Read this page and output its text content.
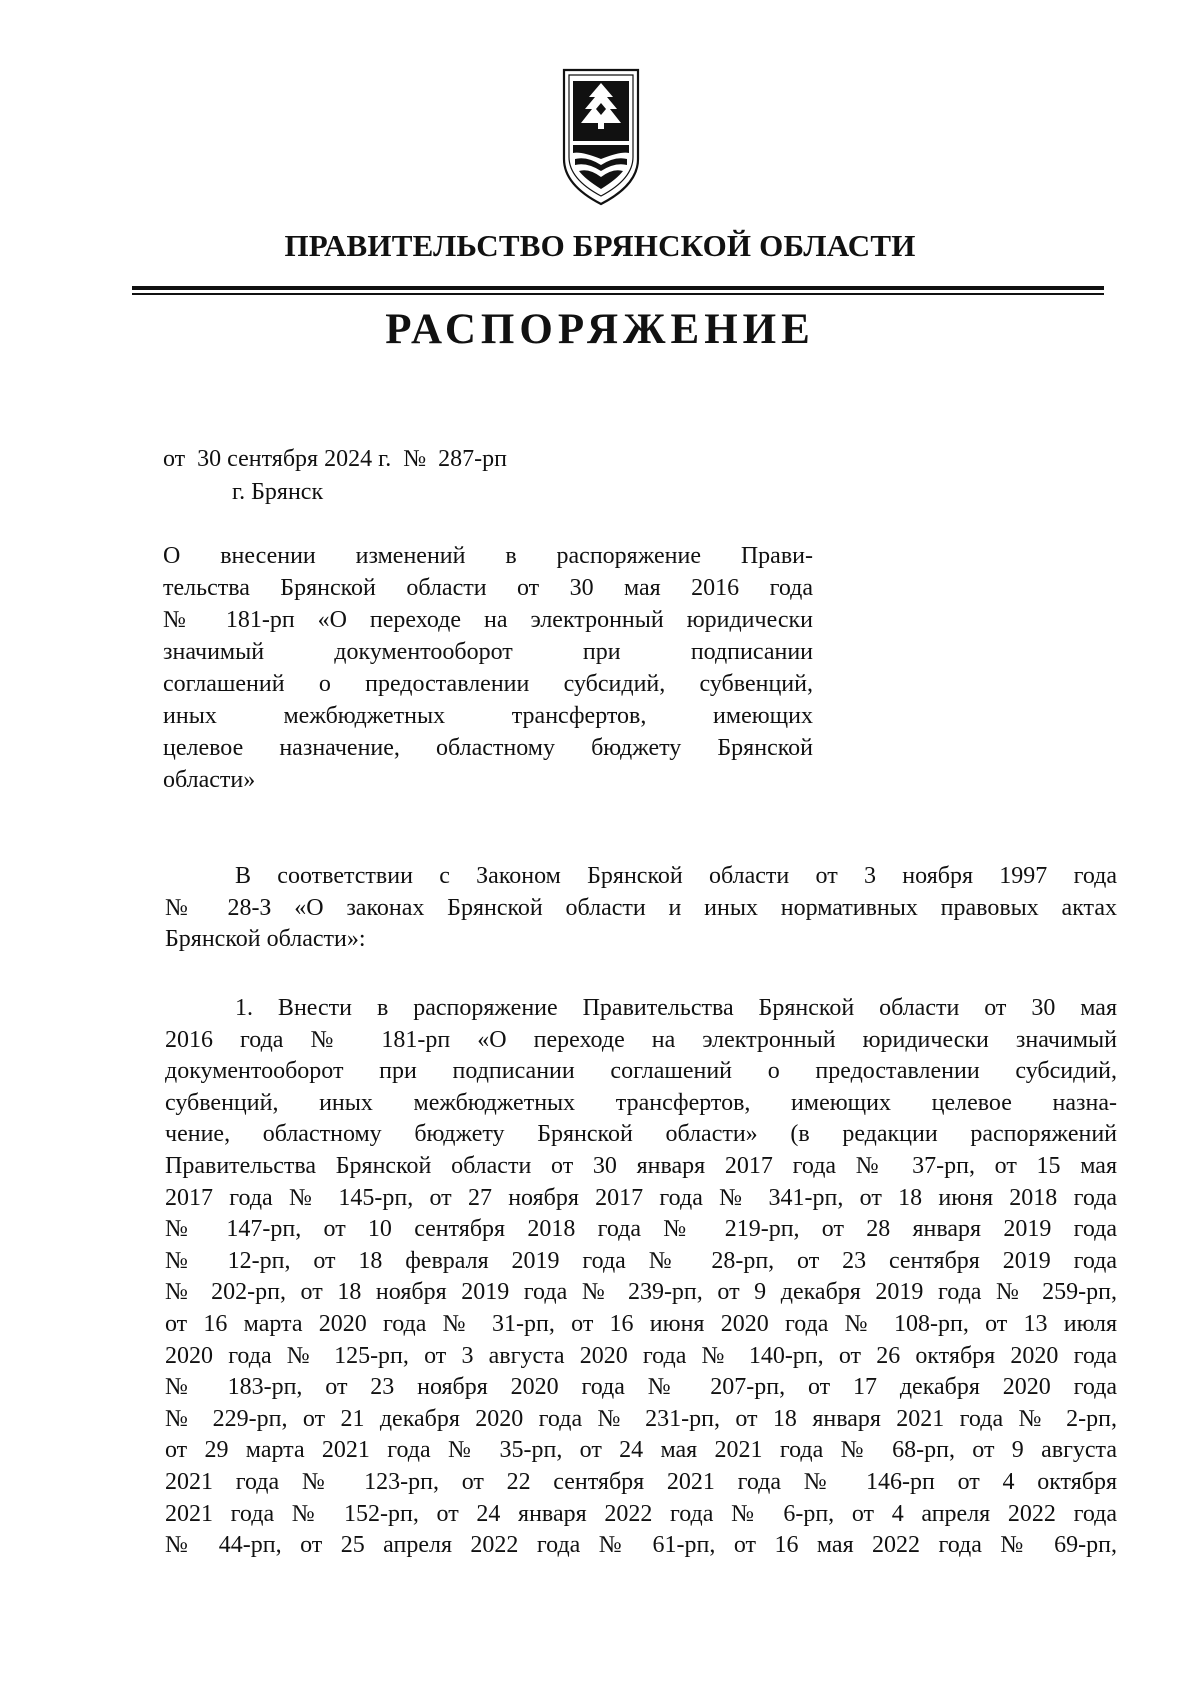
ПРАВИТЕЛЬСТВО БРЯНСКОЙ ОБЛАСТИ
РАСПОРЯЖЕНИЕ
от  30 сентября 2024 г.  №  287-рп
г. Брянск
О внесении изменений в распоряжение Прави-
тельства Брянской области от 30 мая 2016 года
№ 181-рп «О переходе на электронный юридически
значимый документооборот при подписании
соглашений о предоставлении субсидий, субвенций,
иных межбюджетных трансфертов, имеющих
целевое назначение, областному бюджету Брянской
области»
В соответствии с Законом Брянской области от 3 ноября 1997 года
№ 28-З «О законах Брянской области и иных нормативных правовых актах
Брянской области»:
1. Внести в распоряжение Правительства Брянской области от 30 мая
2016 года № 181-рп «О переходе на электронный юридически значимый
документооборот при подписании соглашений о предоставлении субсидий,
субвенций, иных межбюджетных трансфертов, имеющих целевое назна-
чение, областному бюджету Брянской области» (в редакции распоряжений
Правительства Брянской области от 30 января 2017 года № 37-рп, от 15 мая
2017 года № 145-рп, от 27 ноября 2017 года № 341-рп, от 18 июня 2018 года
№ 147-рп, от 10 сентября 2018 года № 219-рп, от 28 января 2019 года
№ 12-рп, от 18 февраля 2019 года № 28-рп, от 23 сентября 2019 года
№ 202-рп, от 18 ноября 2019 года № 239-рп, от 9 декабря 2019 года № 259-рп,
от 16 марта 2020 года № 31-рп, от 16 июня 2020 года № 108-рп, от 13 июля
2020 года № 125-рп, от 3 августа 2020 года № 140-рп, от 26 октября 2020 года
№ 183-рп, от 23 ноября 2020 года № 207-рп, от 17 декабря 2020 года
№ 229-рп, от 21 декабря 2020 года № 231-рп, от 18 января 2021 года № 2-рп,
от 29 марта 2021 года № 35-рп, от 24 мая 2021 года № 68-рп, от 9 августа
2021 года № 123-рп, от 22 сентября 2021 года № 146-рп от 4 октября
2021 года № 152-рп, от 24 января 2022 года № 6-рп, от 4 апреля 2022 года
№ 44-рп, от 25 апреля 2022 года № 61-рп, от 16 мая 2022 года № 69-рп,
